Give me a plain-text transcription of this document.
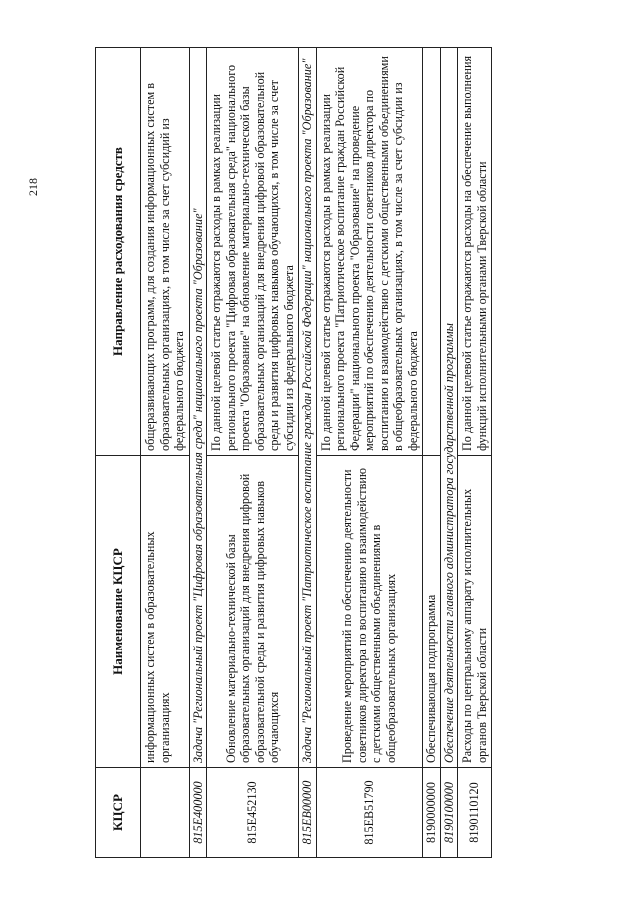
218
КЦСР	Наименование КЦСР	Направление расходования средств
	информационных систем в образовательных организациях	общеразвивающих программ, для создания информационных систем в образовательных организациях, в том числе за счет субсидий из федерального бюджета
815E400000	Задача "Региональный проект "Цифровая образовательная среда" национального проекта "Образование"	
815E452130	Обновление материально-технической базы образовательных организаций для внедрения цифровой образовательной среды и развития цифровых навыков обучающихся	По данной целевой статье отражаются расходы в рамках реализации регионального проекта "Цифровая образовательная среда" национального проекта "Образование" на обновление материально-технической базы образовательных организаций для внедрения цифровой образовательной среды и развития цифровых навыков обучающихся, в том числе за счет субсидии из федерального бюджета
815EB00000	Задача "Региональный проект "Патриотическое воспитание граждан Российской Федерации" национального проекта "Образование"	
815EB51790	Проведение мероприятий по обеспечению деятельности советников директора по воспитанию и взаимодействию с детскими общественными объединениями в общеобразовательных организациях	По данной целевой статье отражаются расходы в рамках реализации регионального проекта "Патриотическое воспитание граждан Российской Федерации" национального проекта "Образование" на проведение мероприятий по обеспечению деятельности советников директора по воспитанию и взаимодействию с детскими общественными объединениями в общеобразовательных организациях, в том числе за счет субсидии из федерального бюджета
8190000000	Обеспечивающая подпрограмма	
8190100000	Обеспечение деятельности главного администратора государственной программы	
8190110120	Расходы по центральному аппарату исполнительных органов Тверской области	По данной целевой статье отражаются расходы на обеспечение выполнения функций исполнительными органами Тверской области
